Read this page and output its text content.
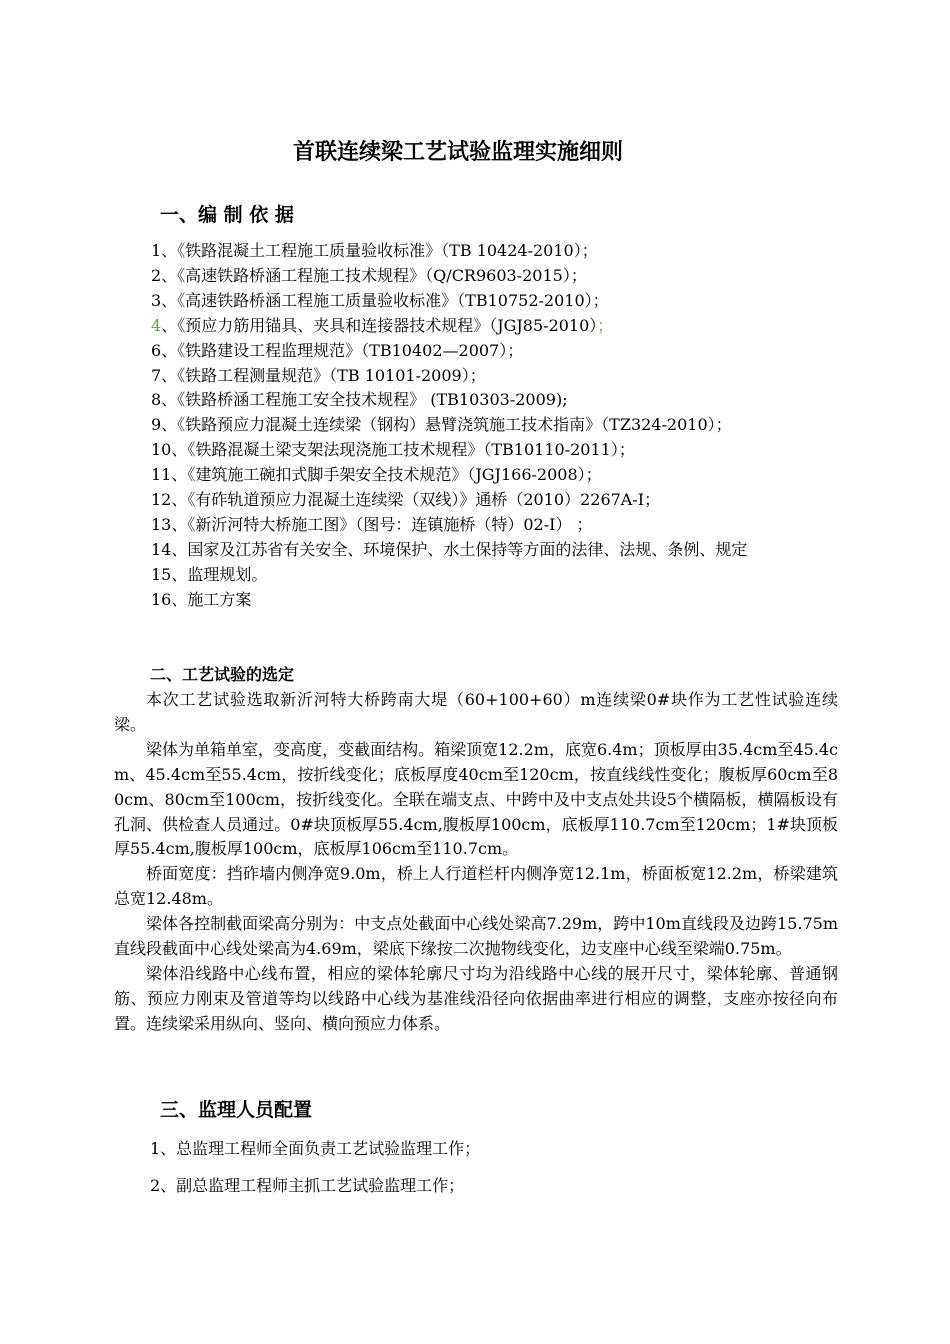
首联连续梁工艺试验监理实施细则
一、编 制 依 据
1、《铁路混凝土工程施工质量验收标准》（TB 10424-2010）；
2、《高速铁路桥涵工程施工技术规程》（Q/CR9603-2015）；
3、《高速铁路桥涵工程施工质量验收标准》（TB10752-2010）；
4、《预应力筋用锚具、夹具和连接器技术规程》（JGJ85-2010）；
6、《铁路建设工程监理规范》（TB10402—2007）；
7、《铁路工程测量规范》（TB 10101-2009）；
8、《铁路桥涵工程施工安全技术规程》 (TB10303-2009);
9、《铁路预应力混凝土连续梁（钢构）悬臂浇筑施工技术指南》（TZ324-2010）；
10、《铁路混凝土梁支架法现浇施工技术规程》（TB10110-2011）；
11、《建筑施工碗扣式脚手架安全技术规范》（JGJ166-2008）；
12、《有砟轨道预应力混凝土连续梁（双线）》通桥（2010）2267A-Ⅰ；
13、《新沂河特大桥施工图》（图号：连镇施桥（特）02-Ⅰ） ；
14、国家及江苏省有关安全、环境保护、水土保持等方面的法律、法规、条例、规定
15、监理规划。
16、施工方案
二、工艺试验的选定

本次工艺试验选取新沂河特大桥跨南大堤（60+100+60）m连续梁0#块作为工艺性试验连续梁。

梁体为单箱单室，变高度，变截面结构。箱梁顶宽12.2m，底宽6.4m；顶板厚由35.4cm至45.4cm、45.4cm至55.4cm，按折线变化；底板厚度40cm至120cm，按直线线性变化；腹板厚60cm至80cm、80cm至100cm，按折线变化。全联在端支点、中跨中及中支点处共设5个横隔板，横隔板设有孔洞、供检查人员通过。0#块顶板厚55.4cm,腹板厚100cm，底板厚110.7cm至120cm；1#块顶板厚55.4cm,腹板厚100cm，底板厚106cm至110.7cm。

桥面宽度：挡砟墙内侧净宽9.0m，桥上人行道栏杆内侧净宽12.1m，桥面板宽12.2m，桥梁建筑总宽12.48m。

梁体各控制截面梁高分别为：中支点处截面中心线处梁高7.29m，跨中10m直线段及边跨15.75m直线段截面中心线处梁高为4.69m，梁底下缘按二次抛物线变化，边支座中心线至梁端0.75m。

梁体沿线路中心线布置，相应的梁体轮廓尺寸均为沿线路中心线的展开尺寸，梁体轮廓、普通钢筋、预应力刚束及管道等均以线路中心线为基准线沿径向依据曲率进行相应的调整，支座亦按径向布置。连续梁采用纵向、竖向、横向预应力体系。

三、监理人员配置
1、总监理工程师全面负责工艺试验监理工作；
2、副总监理工程师主抓工艺试验监理工作；
